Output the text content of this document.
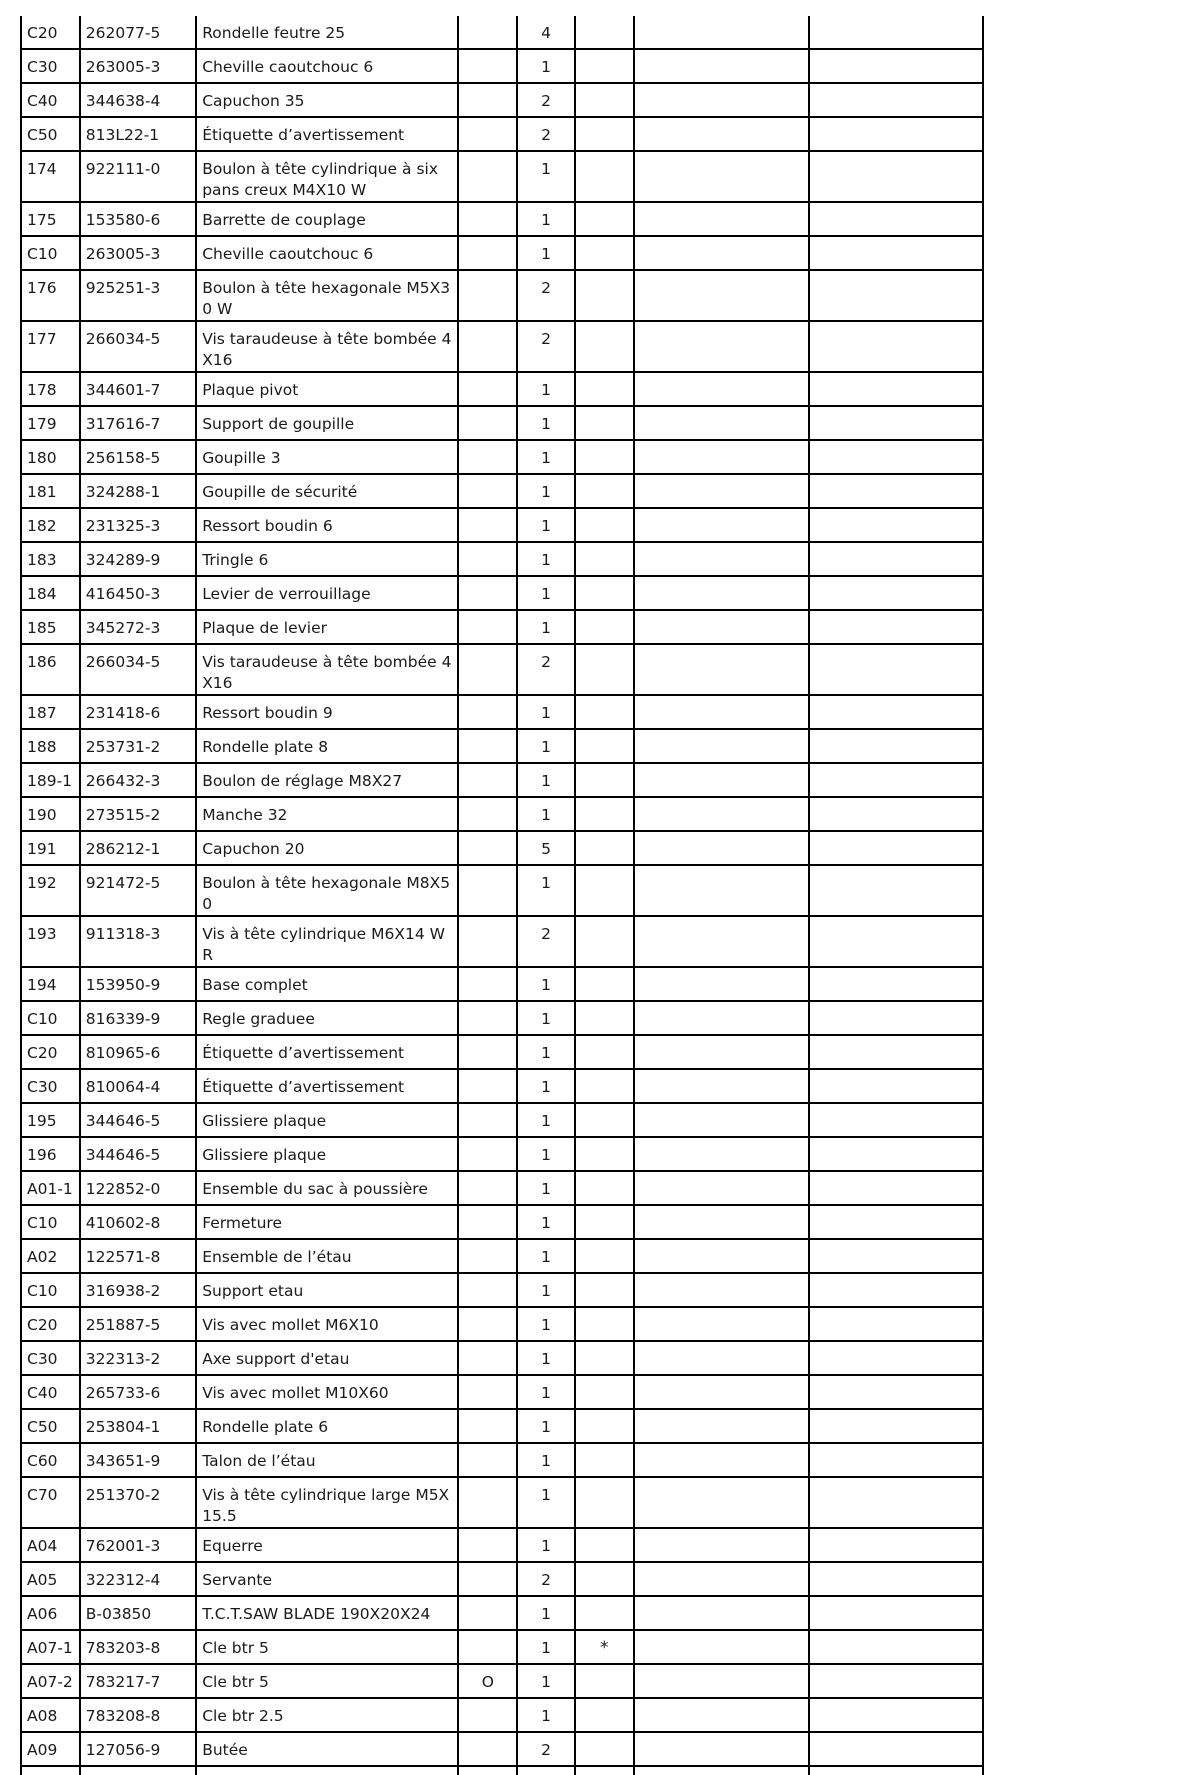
C20	262077-5	Rondelle feutre 25		4			
C30	263005-3	Cheville caoutchouc 6		1			
C40	344638-4	Capuchon 35		2			
C50	813L22-1	Étiquette d’avertissement		2			
174	922111-0	Boulon à tête cylindrique à six pans creux M4X10 W		1			
175	153580-6	Barrette de couplage		1			
C10	263005-3	Cheville caoutchouc 6		1			
176	925251-3	Boulon à tête hexagonale M5X30 W		2			
177	266034-5	Vis taraudeuse à tête bombée 4X16		2			
178	344601-7	Plaque pivot		1			
179	317616-7	Support de goupille		1			
180	256158-5	Goupille 3		1			
181	324288-1	Goupille de sécurité		1			
182	231325-3	Ressort boudin 6		1			
183	324289-9	Tringle 6		1			
184	416450-3	Levier de verrouillage		1			
185	345272-3	Plaque de levier		1			
186	266034-5	Vis taraudeuse à tête bombée 4X16		2			
187	231418-6	Ressort boudin 9		1			
188	253731-2	Rondelle plate 8		1			
189-1	266432-3	Boulon de réglage M8X27		1			
190	273515-2	Manche 32		1			
191	286212-1	Capuchon 20		5			
192	921472-5	Boulon à tête hexagonale M8X50		1			
193	911318-3	Vis à tête cylindrique M6X14 WR		2			
194	153950-9	Base complet		1			
C10	816339-9	Regle graduee		1			
C20	810965-6	Étiquette d’avertissement		1			
C30	810064-4	Étiquette d’avertissement		1			
195	344646-5	Glissiere plaque		1			
196	344646-5	Glissiere plaque		1			
A01-1	122852-0	Ensemble du sac à poussière		1			
C10	410602-8	Fermeture		1			
A02	122571-8	Ensemble de l’étau		1			
C10	316938-2	Support etau		1			
C20	251887-5	Vis avec mollet M6X10		1			
C30	322313-2	Axe support d'etau		1			
C40	265733-6	Vis avec mollet M10X60		1			
C50	253804-1	Rondelle plate 6		1			
C60	343651-9	Talon de l’étau		1			
C70	251370-2	Vis à tête cylindrique large M5X15.5		1			
A04	762001-3	Equerre		1			
A05	322312-4	Servante		2			
A06	B-03850	T.C.T.SAW BLADE 190X20X24		1			
A07-1	783203-8	Cle btr 5		1	*		
A07-2	783217-7	Cle btr 5	O	1			
A08	783208-8	Cle btr 2.5		1			
A09	127056-9	Butée		2			
